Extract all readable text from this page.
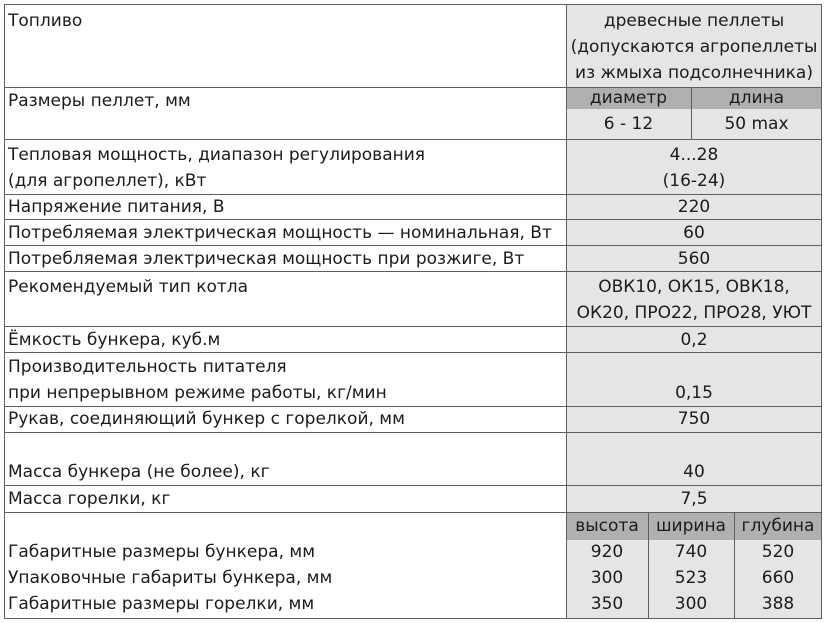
Топливо	древесные пеллеты
(допускаются агропеллеты
из жмыха подсолнечника)
Размеры пеллет, мм	диаметр	длина
6 - 12	50 max
Тепловая мощность, диапазон регулирования
(для агропеллет), кВт
4...28
(16-24)
Напряжение питания, В	220
Потребляемая электрическая мощность — номинальная, Вт	60
Потребляемая электрическая мощность при розжиге, Вт	560
Рекомендуемый тип котла	ОВК10, ОК15, ОВК18,
ОК20, ПРО22, ПРО28, УЮТ
Ёмкость бункера, куб.м	0,2
Производительность питателя
при непрерывном режиме работы, кг/мин	0,15
Рукав, соединяющий бункер с горелкой, мм	750
Масса бункера (не более), кг	40
Масса горелки, кг	7,5
высота	ширина глубина
Габаритные размеры бункера, мм	920	740	520
Упаковочные габариты бункера, мм	300	523	660
Габаритные размеры горелки, мм	350	300	388
